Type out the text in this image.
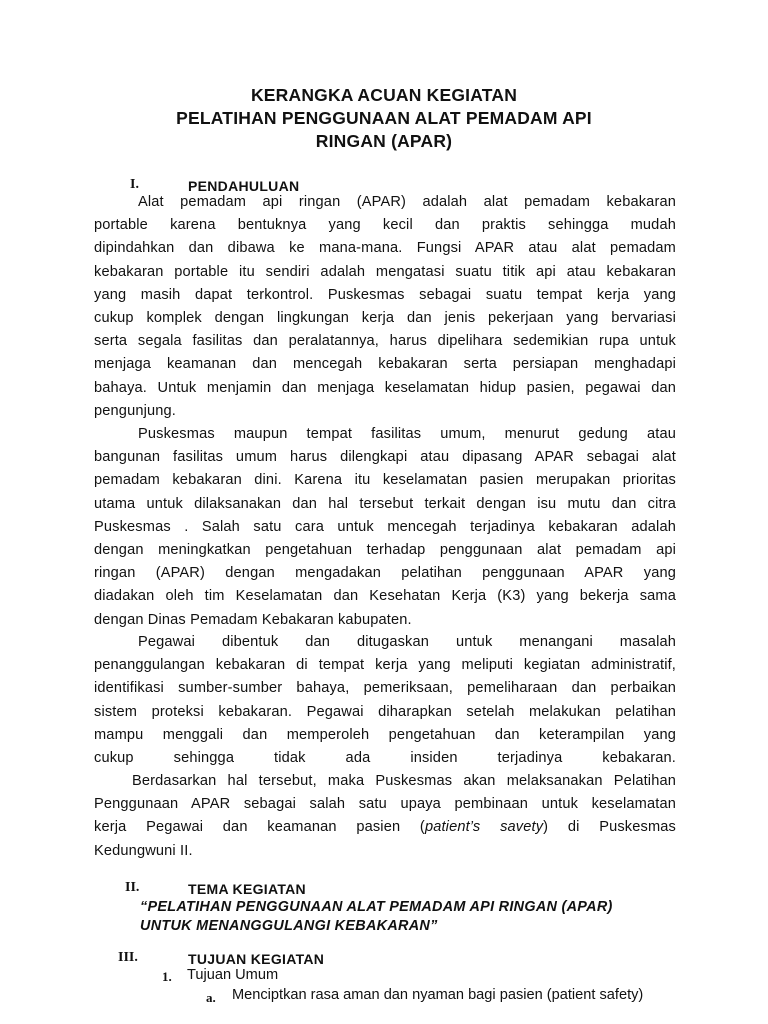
KERANGKA ACUAN KEGIATAN
PELATIHAN PENGGUNAAN ALAT PEMADAM API
RINGAN (APAR)
I.	PENDAHULUAN
Alat pemadam api ringan (APAR) adalah alat pemadam kebakaran
portable karena bentuknya yang kecil dan praktis sehingga mudah
dipindahkan dan dibawa ke mana-mana. Fungsi APAR atau alat pemadam
kebakaran portable itu sendiri adalah mengatasi suatu titik api atau kebakaran
yang masih dapat terkontrol. Puskesmas sebagai suatu tempat kerja yang
cukup komplek dengan lingkungan kerja dan jenis pekerjaan yang bervariasi
serta segala fasilitas dan peralatannya, harus dipelihara sedemikian rupa untuk
menjaga keamanan dan mencegah kebakaran serta persiapan menghadapi
bahaya. Untuk menjamin dan menjaga keselamatan hidup pasien, pegawai dan
pengunjung.
Puskesmas maupun tempat fasilitas umum, menurut gedung atau
bangunan fasilitas umum harus dilengkapi atau dipasang APAR sebagai alat
pemadam kebakaran dini. Karena itu keselamatan pasien merupakan prioritas
utama untuk dilaksanakan dan hal tersebut terkait dengan isu mutu dan citra
Puskesmas . Salah satu cara untuk mencegah terjadinya kebakaran adalah
dengan meningkatkan pengetahuan terhadap penggunaan alat pemadam api
ringan (APAR) dengan mengadakan pelatihan penggunaan APAR yang
diadakan oleh tim Keselamatan dan Kesehatan Kerja (K3) yang bekerja sama
dengan Dinas Pemadam Kebakaran kabupaten.
Pegawai dibentuk dan ditugaskan untuk menangani masalah
penanggulangan kebakaran di tempat kerja yang meliputi kegiatan administratif,
identifikasi sumber-sumber bahaya, pemeriksaan, pemeliharaan dan perbaikan
sistem proteksi kebakaran. Pegawai diharapkan setelah melakukan pelatihan
mampu menggali dan memperoleh pengetahuan dan keterampilan yang
cukup sehingga tidak ada insiden terjadinya kebakaran.
Berdasarkan hal tersebut, maka Puskesmas akan melaksanakan Pelatihan
Penggunaan APAR sebagai salah satu upaya pembinaan untuk keselamatan
kerja Pegawai dan keamanan pasien (patient’s savety) di Puskesmas
Kedungwuni II.
II.	TEMA KEGIATAN
“PELATIHAN PENGGUNAAN ALAT PEMADAM API RINGAN (APAR)
UNTUK MENANGGULANGI KEBAKARAN”
III.	TUJUAN KEGIATAN
1. Tujuan Umum
a. Menciptkan rasa aman dan nyaman bagi pasien (patient safety)
